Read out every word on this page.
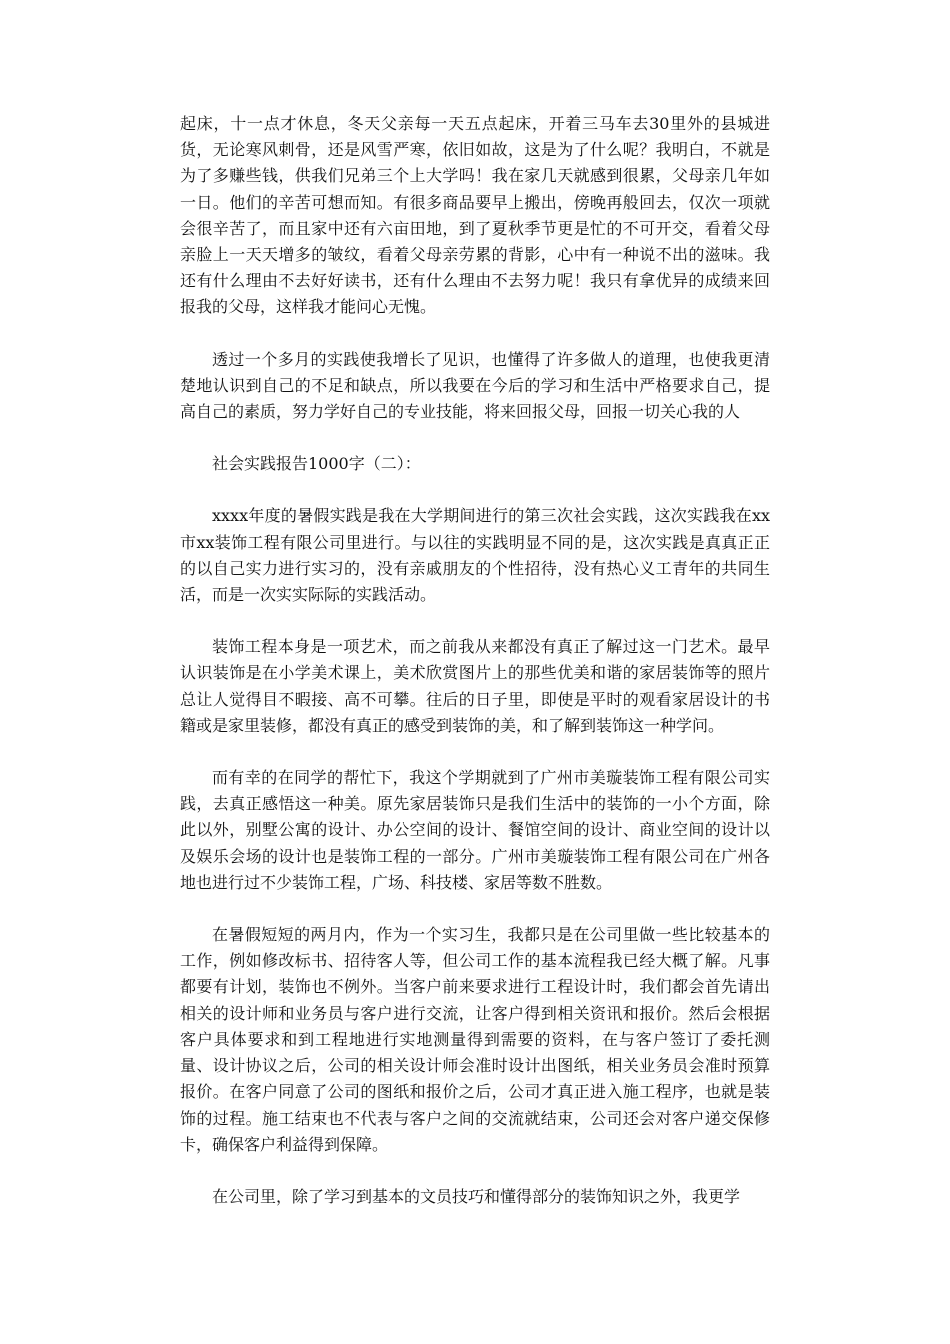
起床，十一点才休息，冬天父亲每一天五点起床，开着三马车去30里外的县城进货，无论寒风刺骨，还是风雪严寒，依旧如故，这是为了什么呢？我明白，不就是为了多赚些钱，供我们兄弟三个上大学吗！我在家几天就感到很累，父母亲几年如一日。他们的辛苦可想而知。有很多商品要早上搬出，傍晚再般回去，仅次一项就会很辛苦了，而且家中还有六亩田地，到了夏秋季节更是忙的不可开交，看着父母亲脸上一天天增多的皱纹，看着父母亲劳累的背影，心中有一种说不出的滋味。我还有什么理由不去好好读书，还有什么理由不去努力呢！我只有拿优异的成绩来回报我的父母，这样我才能问心无愧。

透过一个多月的实践使我增长了见识，也懂得了许多做人的道理，也使我更清楚地认识到自己的不足和缺点，所以我要在今后的学习和生活中严格要求自己，提高自己的素质，努力学好自己的专业技能，将来回报父母，回报一切关心我的人

社会实践报告1000字（二）：

xxxx年度的暑假实践是我在大学期间进行的第三次社会实践，这次实践我在xx市xx装饰工程有限公司里进行。与以往的实践明显不同的是，这次实践是真真正正的以自己实力进行实习的，没有亲戚朋友的个性招待，没有热心义工青年的共同生活，而是一次实实际际的实践活动。

装饰工程本身是一项艺术，而之前我从来都没有真正了解过这一门艺术。最早认识装饰是在小学美术课上，美术欣赏图片上的那些优美和谐的家居装饰等的照片总让人觉得目不暇接、高不可攀。往后的日子里，即使是平时的观看家居设计的书籍或是家里装修，都没有真正的感受到装饰的美，和了解到装饰这一种学问。

而有幸的在同学的帮忙下，我这个学期就到了广州市美璇装饰工程有限公司实践，去真正感悟这一种美。原先家居装饰只是我们生活中的装饰的一小个方面，除此以外，别墅公寓的设计、办公空间的设计、餐馆空间的设计、商业空间的设计以及娱乐会场的设计也是装饰工程的一部分。广州市美璇装饰工程有限公司在广州各地也进行过不少装饰工程，广场、科技楼、家居等数不胜数。

在暑假短短的两月内，作为一个实习生，我都只是在公司里做一些比较基本的工作，例如修改标书、招待客人等，但公司工作的基本流程我已经大概了解。凡事都要有计划，装饰也不例外。当客户前来要求进行工程设计时，我们都会首先请出相关的设计师和业务员与客户进行交流，让客户得到相关资讯和报价。然后会根据客户具体要求和到工程地进行实地测量得到需要的资料，在与客户签订了委托测量、设计协议之后，公司的相关设计师会准时设计出图纸，相关业务员会准时预算报价。在客户同意了公司的图纸和报价之后，公司才真正进入施工程序，也就是装饰的过程。施工结束也不代表与客户之间的交流就结束，公司还会对客户递交保修卡，确保客户利益得到保障。

在公司里，除了学习到基本的文员技巧和懂得部分的装饰知识之外，我更学
